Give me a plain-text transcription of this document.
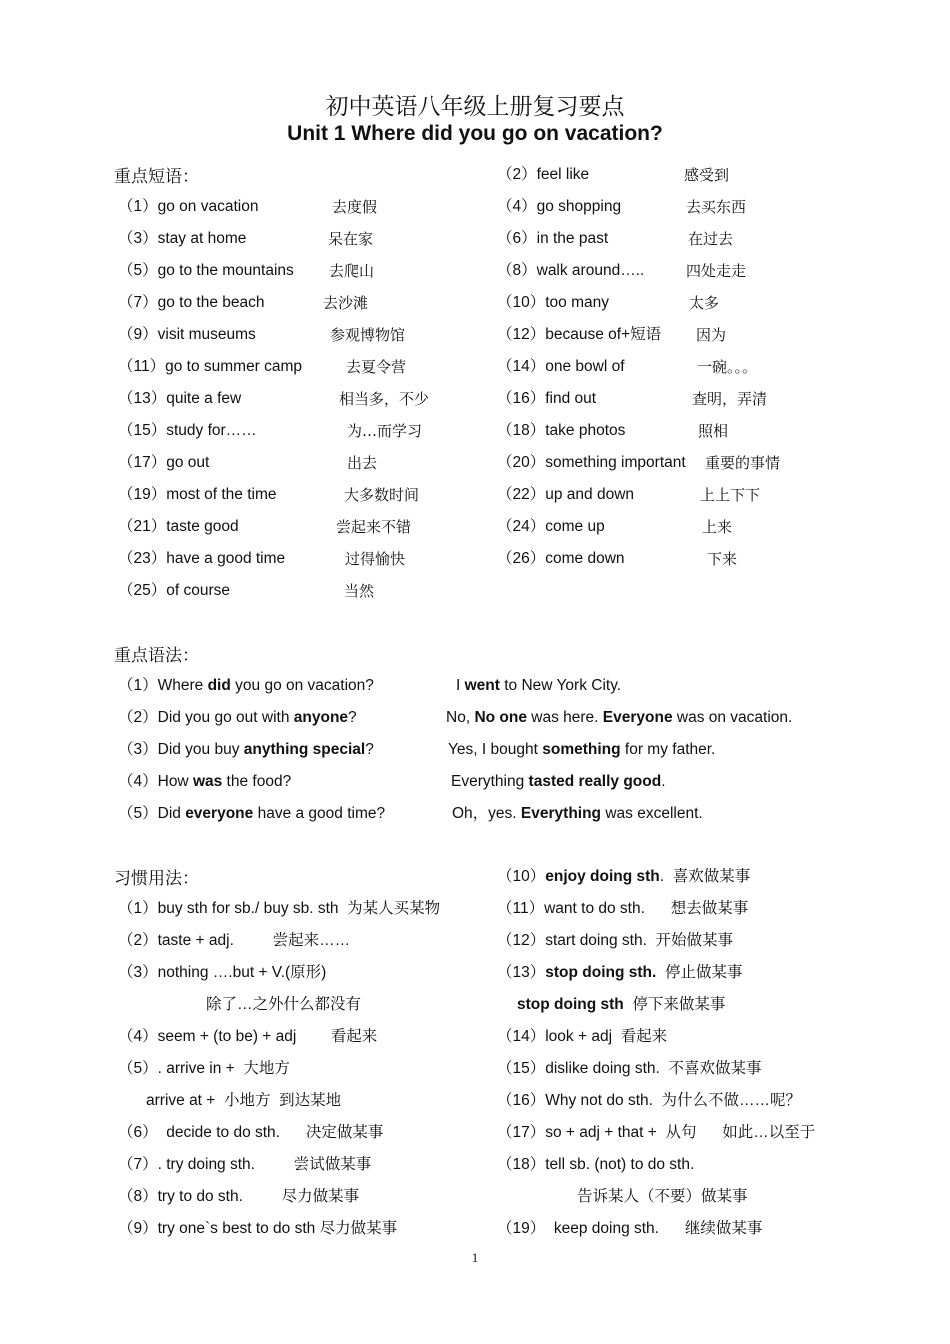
初中英语八年级上册复习要点
Unit 1 Where did you go on vacation?
重点短语：
（1）go on vacation	去度假
（3）stay at home	呆在家
（5）go to the mountains 去爬山
（7）go to the beach	去沙滩
（9）visit museums	参观博物馆
（11）go to summer camp	去夏令营
（13）quite a few	相当多，不少
（15）study for……	为…而学习
（17）go out	出去
（19）most of the time	大多数时间
（21）taste good	尝起来不错
（23）have a good time	过得愉快
（25）of course	当然
（2）feel like	感受到
（4）go shopping	去买东西
（6）in the past	在过去
（8）walk around…..	四处走走
（10）too many	太多
（12）because of+短语 因为
（14）one bowl of	一碗。。。
（16）find out	查明，弄清
（18）take photos	照相
（20）something important 重要的事情
（22）up and down	上上下下
（24）come up	上来
（26）come down	下来
重点语法：
（1）Where did you go on vacation?	I went to New York City.
（2）Did you go out with anyone?	No, No one was here. Everyone was on vacation.
（3）Did you buy anything special?	Yes, I bought something for my father.
（4）How was the food?	Everything tasted really good.
（5）Did everyone have a good time?	Oh，yes. Everything was excellent.
习惯用法：
（1）buy sth for sb./ buy sb. sth  为某人买某物
（2）taste + adj.         尝起来……
（3）nothing ….but + V.(原形)
除了…之外什么都没有
（4）seem + (to be) + adj        看起来
（5）. arrive in +  大地方
arrive at +  小地方  到达某地
（6）  decide to do sth.      决定做某事
（7）. try doing sth.         尝试做某事
（8）try to do sth.         尽力做某事
（9）try one`s best to do sth 尽力做某事
（10）enjoy doing sth.  喜欢做某事
（11）want to do sth.      想去做某事
（12）start doing sth.  开始做某事
（13）stop doing sth.  停止做某事
stop doing sth  停下来做某事
（14）look + adj  看起来
（15）dislike doing sth.  不喜欢做某事
（16）Why not do sth.  为什么不做……呢？
（17）so + adj + that +  从句      如此…以至于
（18）tell sb. (not) to do sth.
告诉某人（不要）做某事
（19）  keep doing sth.      继续做某事
1
